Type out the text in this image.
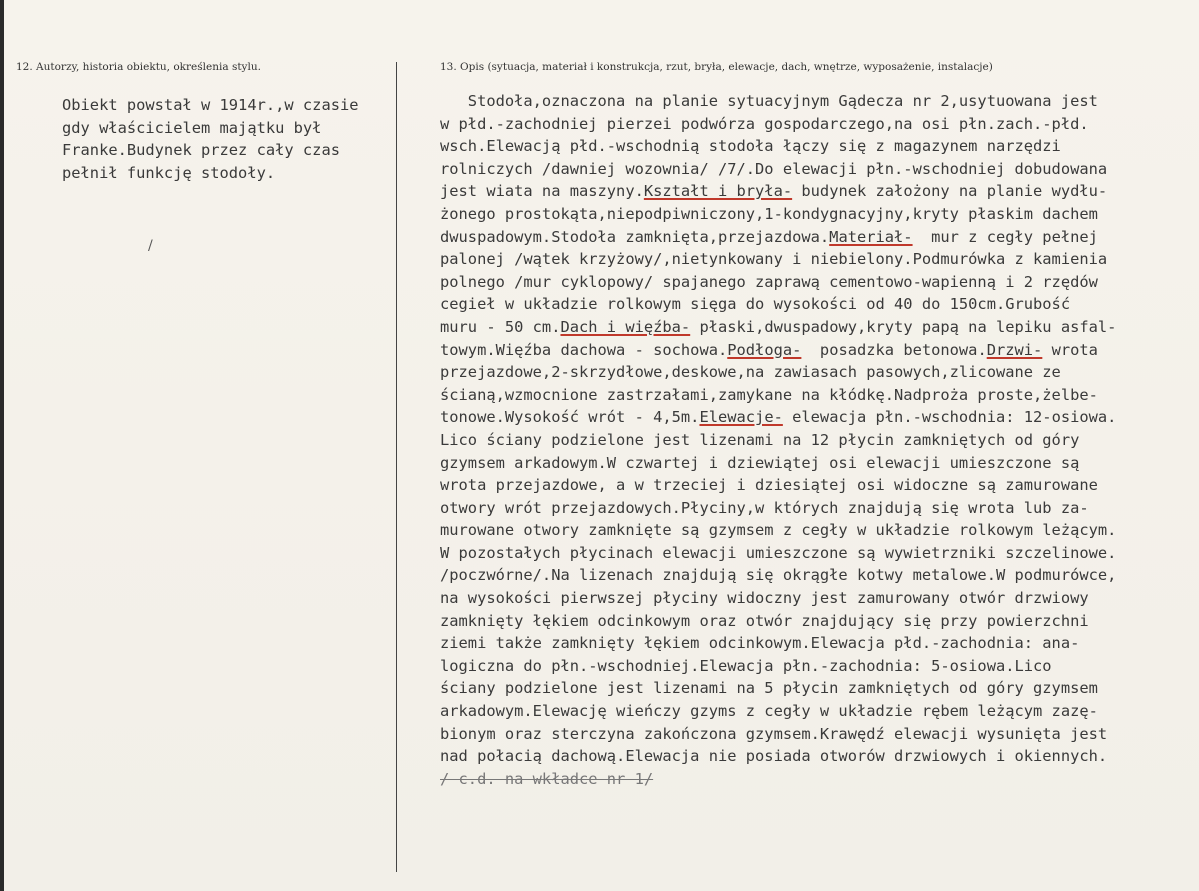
12. Autorzy, historia obiektu, określenia stylu.	13. Opis (sytuacja, materiał i konstrukcja, rzut, bryła, elewacje, dach, wnętrze, wyposażenie, instalacje)
Obiekt powstał w 1914r.,w czasie
gdy właścicielem majątku był
Franke.Budynek przez cały czas
pełnił funkcję stodoły.
/
Stodoła,oznaczona na planie sytuacyjnym Gądecza nr 2,usytuowana jest
w płd.-zachodniej pierzei podwórza gospodarczego,na osi płn.zach.-płd.
wsch.Elewacją płd.-wschodnią stodoła łączy się z magazynem narzędzi
rolniczych /dawniej wozownia/ /7/.Do elewacji płn.-wschodniej dobudowana
jest wiata na maszyny.Kształt i bryła- budynek założony na planie wydłu-
żonego prostokąta,niepodpiwniczony,1-kondygnacyjny,kryty płaskim dachem
dwuspadowym.Stodoła zamknięta,przejazdowa.Materiał-  mur z cegły pełnej
palonej /wątek krzyżowy/,nietynkowany i niebielony.Podmurówka z kamienia
polnego /mur cyklopowy/ spajanego zaprawą cementowo-wapienną i 2 rzędów
cegieł w układzie rolkowym sięga do wysokości od 40 do 150cm.Grubość
muru - 50 cm.Dach i więźba- płaski,dwuspadowy,kryty papą na lepiku asfal-
towym.Więźba dachowa - sochowa.Podłoga-  posadzka betonowa.Drzwi- wrota
przejazdowe,2-skrzydłowe,deskowe,na zawiasach pasowych,zlicowane ze
ścianą,wzmocnione zastrzałami,zamykane na kłódkę.Nadproża proste,żelbe-
tonowe.Wysokość wrót - 4,5m.Elewacje- elewacja płn.-wschodnia: 12-osiowa.
Lico ściany podzielone jest lizenami na 12 płycin zamkniętych od góry
gzymsem arkadowym.W czwartej i dziewiątej osi elewacji umieszczone są
wrota przejazdowe, a w trzeciej i dziesiątej osi widoczne są zamurowane
otwory wrót przejazdowych.Płyciny,w których znajdują się wrota lub za-
murowane otwory zamknięte są gzymsem z cegły w układzie rolkowym leżącym.
W pozostałych płycinach elewacji umieszczone są wywietrzniki szczelinowe.
/poczwórne/.Na lizenach znajdują się okrągłe kotwy metalowe.W podmurówce,
na wysokości pierwszej płyciny widoczny jest zamurowany otwór drzwiowy
zamknięty łękiem odcinkowym oraz otwór znajdujący się przy powierzchni
ziemi także zamknięty łękiem odcinkowym.Elewacja płd.-zachodnia: ana-
logiczna do płn.-wschodniej.Elewacja płn.-zachodnia: 5-osiowa.Lico
ściany podzielone jest lizenami na 5 płycin zamkniętych od góry gzymsem
arkadowym.Elewację wieńczy gzyms z cegły w układzie rębem leżącym zazę-
bionym oraz sterczyna zakończona gzymsem.Krawędź elewacji wysunięta jest
nad połacią dachową.Elewacja nie posiada otworów drzwiowych i okiennych.
/ c.d. na wkładce nr 1/
